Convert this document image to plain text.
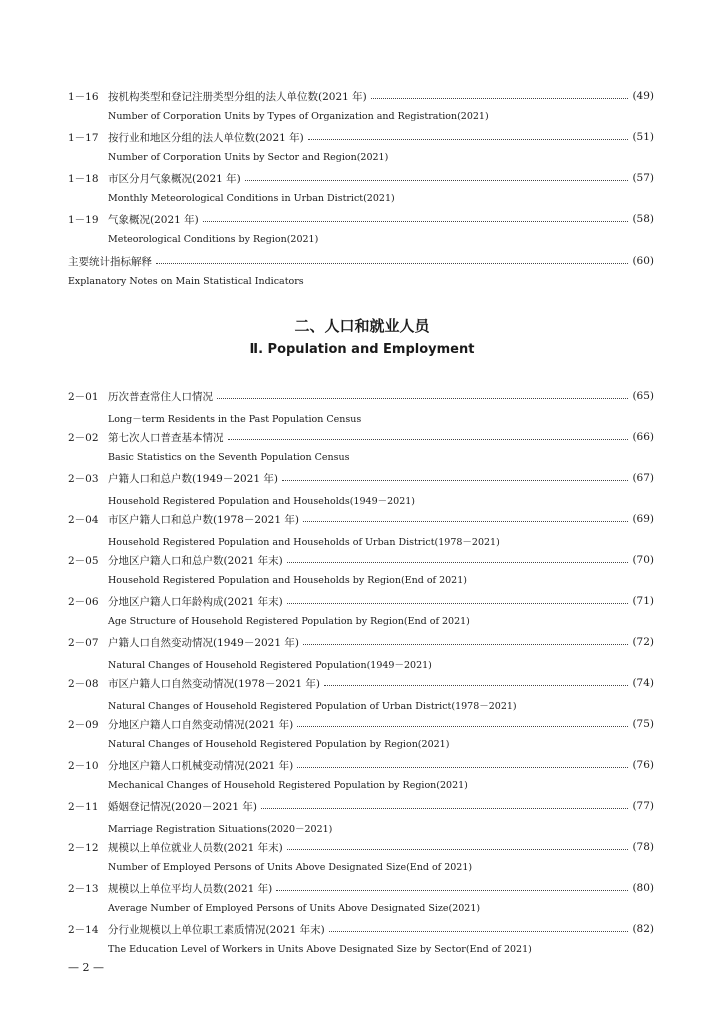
1－16 按机构类型和登记注册类型分组的法人单位数(2021 年)	(49)
Number of Corporation Units by Types of Organization and Registration(2021)
1－17 按行业和地区分组的法人单位数(2021 年)	(51)
Number of Corporation Units by Sector and Region(2021)
1－18 市区分月气象概况(2021 年)	(57)
Monthly Meteorological Conditions in Urban District(2021)
1－19 气象概况(2021 年)	(58)
Meteorological Conditions by Region(2021)
主要统计指标解释	(60)
Explanatory Notes on Main Statistical Indicators
二、人口和就业人员
Ⅱ. Population and Employment
2－01 历次普查常住人口情况	(65)
Long－term Residents in the Past Population Census
2－02 第七次人口普查基本情况	(66)
Basic Statistics on the Seventh Population Census
2－03 户籍人口和总户数(1949－2021 年)	(67)
Household Registered Population and Households(1949－2021)
2－04 市区户籍人口和总户数(1978－2021 年)	(69)
Household Registered Population and Households of Urban District(1978－2021)
2－05 分地区户籍人口和总户数(2021 年末)	(70)
Household Registered Population and Households by Region(End of 2021)
2－06 分地区户籍人口年龄构成(2021 年末)	(71)
Age Structure of Household Registered Population by Region(End of 2021)
2－07 户籍人口自然变动情况(1949－2021 年)	(72)
Natural Changes of Household Registered Population(1949－2021)
2－08 市区户籍人口自然变动情况(1978－2021 年)	(74)
Natural Changes of Household Registered Population of Urban District(1978－2021)
2－09 分地区户籍人口自然变动情况(2021 年)	(75)
Natural Changes of Household Registered Population by Region(2021)
2－10 分地区户籍人口机械变动情况(2021 年)	(76)
Mechanical Changes of Household Registered Population by Region(2021)
2－11 婚姻登记情况(2020－2021 年)	(77)
Marriage Registration Situations(2020－2021)
2－12 规模以上单位就业人员数(2021 年末)	(78)
Number of Employed Persons of Units Above Designated Size(End of 2021)
2－13 规模以上单位平均人员数(2021 年)	(80)
Average Number of Employed Persons of Units Above Designated Size(2021)
2－14 分行业规模以上单位职工素质情况(2021 年末)	(82)
The Education Level of Workers in Units Above Designated Size by Sector(End of 2021)
— 2 —
